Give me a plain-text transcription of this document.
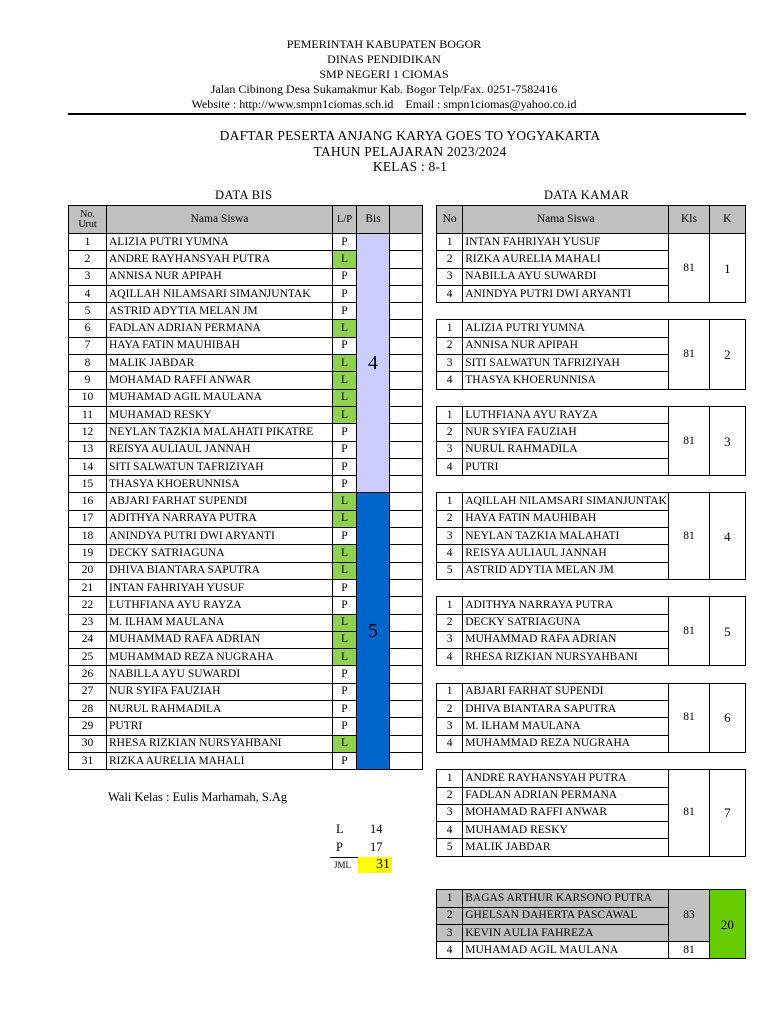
PEMERINTAH KABUPATEN BOGOR
DINAS PENDIDIKAN
SMP NEGERI 1 CIOMAS
Jalan Cibinong Desa Sukamakmur Kab. Bogor Telp/Fax. 0251-7582416
Website : http://www.smpn1ciomas.sch.id    Email : smpn1ciomas@yahoo.co.id
DAFTAR PESERTA ANJANG KARYA GOES TO YOGYAKARTA
TAHUN PELAJARAN 2023/2024
KELAS : 8-1
DATA BIS	DATA KAMAR
No. Urut	Nama Siswa	L/P	Bis	
1	ALIZIA PUTRI YUMNA	P	4	
2	ANDRE RAYHANSYAH PUTRA	L		
3	ANNISA NUR APIPAH	P		
4	AQILLAH NILAMSARI SIMANJUNTAK	P		
5	ASTRID ADYTIA MELAN JM	P		
6	FADLAN ADRIAN PERMANA	L		
7	HAYA FATIN MAUHIBAH	P		
8	MALIK JABDAR	L		
9	MOHAMAD RAFFI ANWAR	L		
10	MUHAMAD AGIL MAULANA	L		
11	MUHAMAD RESKY	L		
12	NEYLAN TAZKIA MALAHATI PIKATRE	P		
13	REISYA AULIAUL JANNAH	P		
14	SITI SALWATUN TAFRIZIYAH	P		
15	THASYA KHOERUNNISA	P		
16	ABJARI FARHAT SUPENDI	L	5	
17	ADITHYA NARRAYA PUTRA	L		
18	ANINDYA PUTRI DWI ARYANTI	P		
19	DECKY SATRIAGUNA	L		
20	DHIVA BIANTARA SAPUTRA	L		
21	INTAN FAHRIYAH YUSUF	P		
22	LUTHFIANA AYU RAYZA	P		
23	M. ILHAM MAULANA	L		
24	MUHAMMAD RAFA ADRIAN	L		
25	MUHAMMAD REZA NUGRAHA	L		
26	NABILLA AYU SUWARDI	P		
27	NUR SYIFA FAUZIAH	P		
28	NURUL RAHMADILA	P		
29	PUTRI	P		
30	RHESA RIZKIAN NURSYAHBANI	L		
31	RIZKA AURELIA MAHALI	P		
No	Nama Siswa	Kls	K
1	INTAN FAHRIYAH YUSUF	81	1
2	RIZKA AURELIA MAHALI		
3	NABILLA AYU SUWARDI		
4	ANINDYA PUTRI DWI ARYANTI		

1	ALIZIA PUTRI YUMNA	81	2
2	ANNISA NUR APIPAH		
3	SITI SALWATUN TAFRIZIYAH		
4	THASYA KHOERUNNISA		

1	LUTHFIANA AYU RAYZA	81	3
2	NUR SYIFA FAUZIAH		
3	NURUL RAHMADILA		
4	PUTRI		

1	AQILLAH NILAMSARI SIMANJUNTAK	81	4
2	HAYA FATIN MAUHIBAH		
3	NEYLAN TAZKIA MALAHATI		
4	REISYA AULIAUL JANNAH		
5	ASTRID ADYTIA MELAN JM		

1	ADITHYA NARRAYA PUTRA	81	5
2	DECKY SATRIAGUNA		
3	MUHAMMAD RAFA ADRIAN		
4	RHESA RIZKIAN NURSYAHBANI		

1	ABJARI FARHAT SUPENDI	81	6
2	DHIVA BIANTARA SAPUTRA		
3	M. ILHAM MAULANA		
4	MUHAMMAD REZA NUGRAHA		

1	ANDRE RAYHANSYAH PUTRA	81	7
2	FADLAN ADRIAN PERMANA		
3	MOHAMAD RAFFI ANWAR		
4	MUHAMAD RESKY		
5	MALIK JABDAR		

1	BAGAS ARTHUR KARSONO PUTRA	83	20
2	GHELSAN DAHERTA PASCAWAL		
3	KEVIN AULIA FAHREZA		
4	MUHAMAD AGIL MAULANA	81	
Wali Kelas : Eulis Marhamah, S.Ag
L 14
P 17
JML	31
